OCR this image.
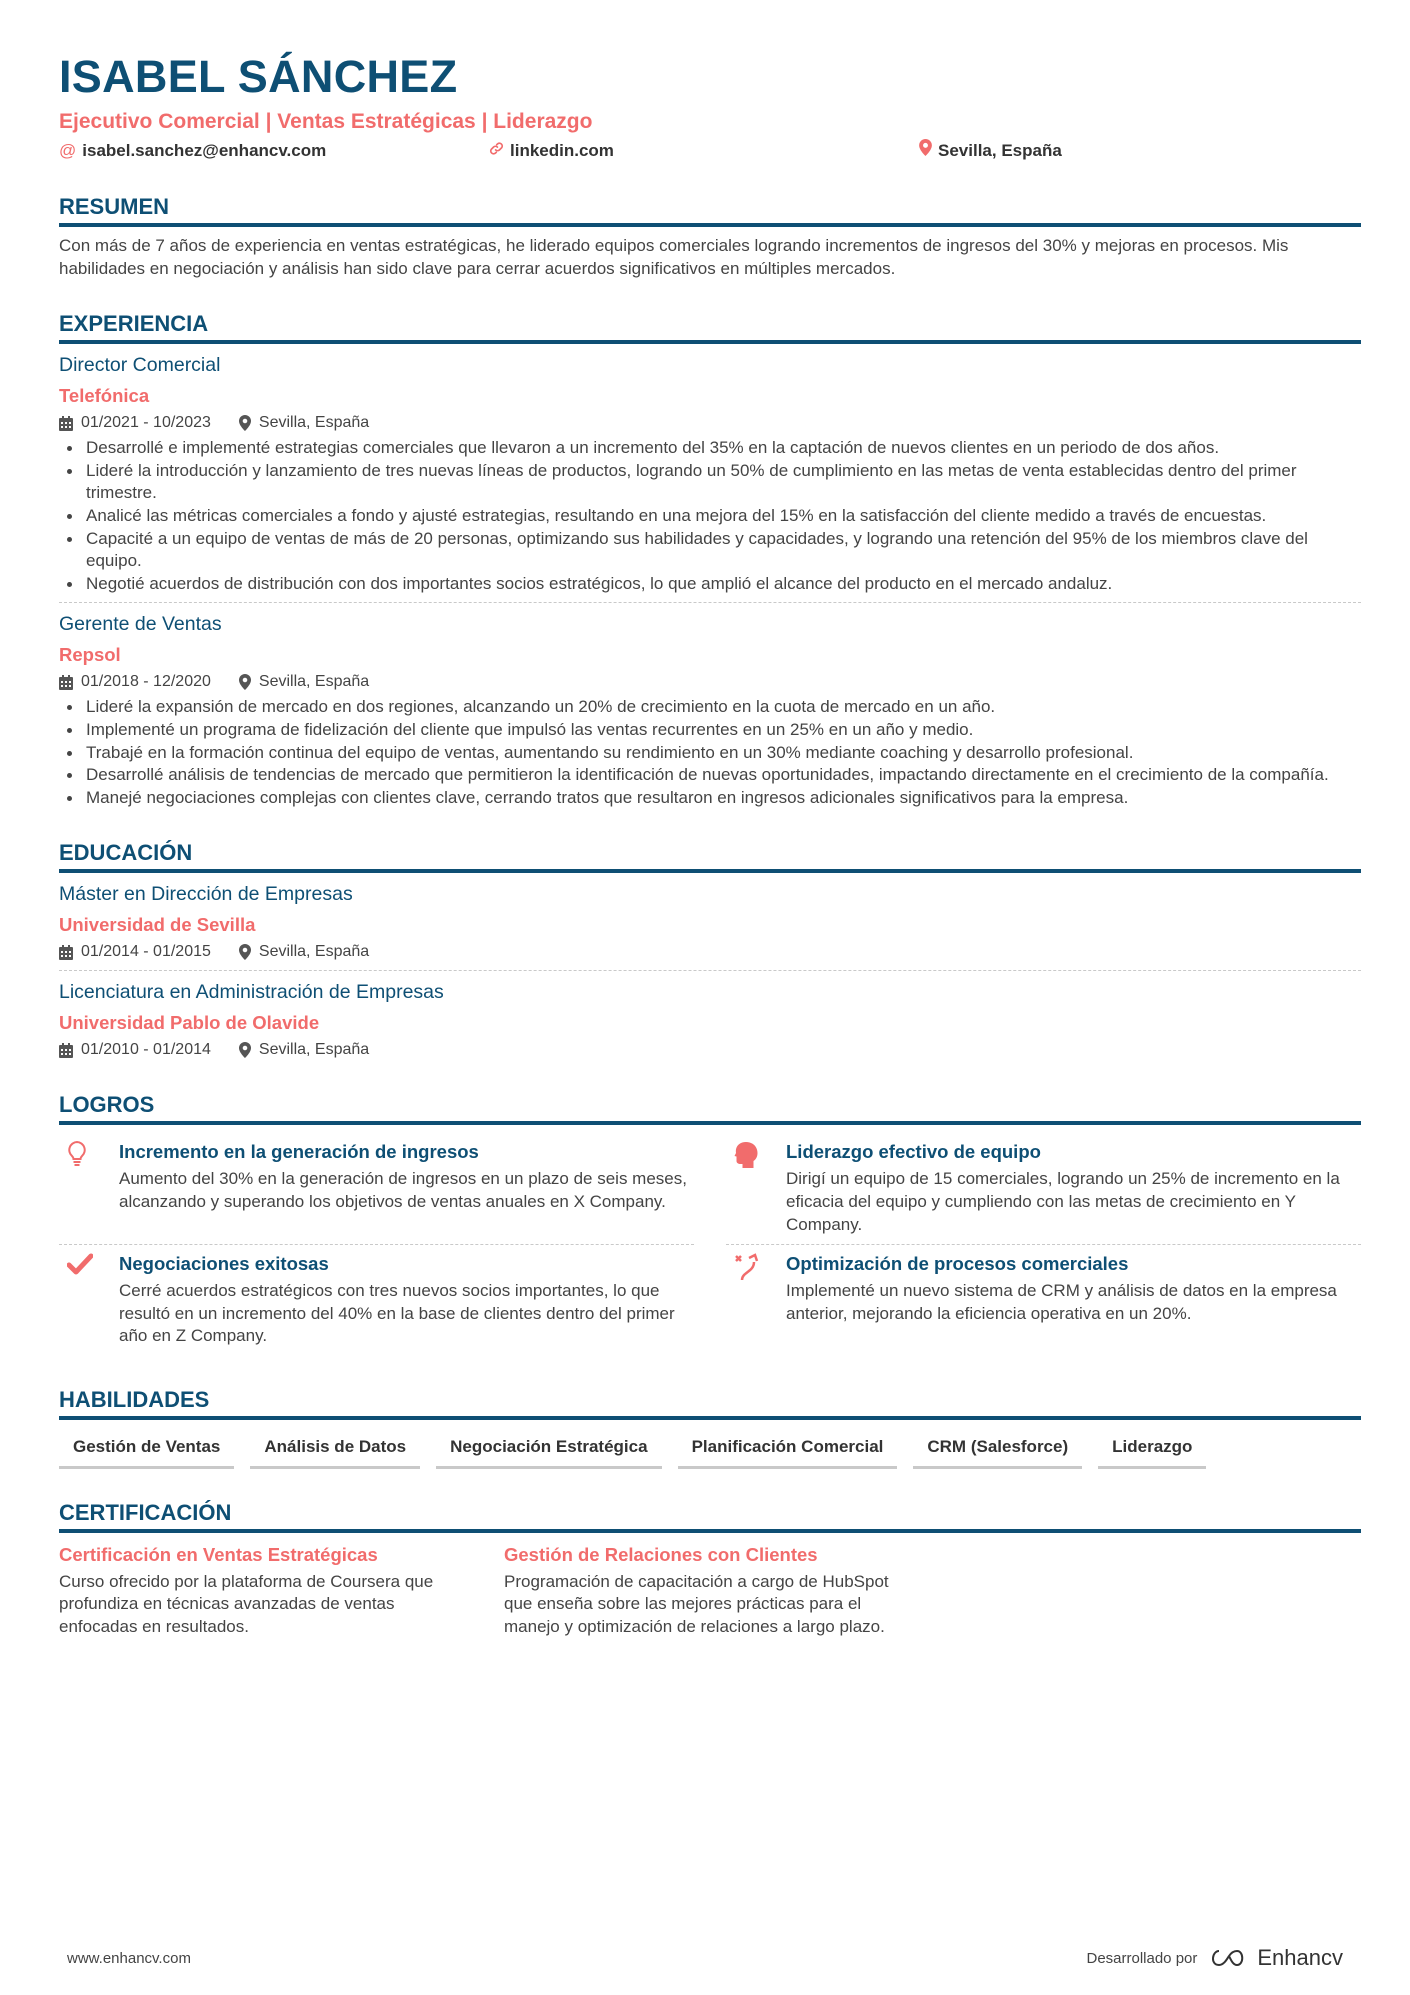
ISABEL SÁNCHEZ
Ejecutivo Comercial | Ventas Estratégicas | Liderazgo
@ isabel.sanchez@enhancv.com	linkedin.com	Sevilla, España
RESUMEN
Con más de 7 años de experiencia en ventas estratégicas, he liderado equipos comerciales logrando incrementos de ingresos del 30% y mejoras en procesos. Mis habilidades en negociación y análisis han sido clave para cerrar acuerdos significativos en múltiples mercados.
EXPERIENCIA
Director Comercial
Telefónica
01/2021 - 10/2023	Sevilla, España
Desarrollé e implementé estrategias comerciales que llevaron a un incremento del 35% en la captación de nuevos clientes en un periodo de dos años.
Lideré la introducción y lanzamiento de tres nuevas líneas de productos, logrando un 50% de cumplimiento en las metas de venta establecidas dentro del primer trimestre.
Analicé las métricas comerciales a fondo y ajusté estrategias, resultando en una mejora del 15% en la satisfacción del cliente medido a través de encuestas.
Capacité a un equipo de ventas de más de 20 personas, optimizando sus habilidades y capacidades, y logrando una retención del 95% de los miembros clave del equipo.
Negotié acuerdos de distribución con dos importantes socios estratégicos, lo que amplió el alcance del producto en el mercado andaluz.
Gerente de Ventas
Repsol
01/2018 - 12/2020	Sevilla, España
Lideré la expansión de mercado en dos regiones, alcanzando un 20% de crecimiento en la cuota de mercado en un año.
Implementé un programa de fidelización del cliente que impulsó las ventas recurrentes en un 25% en un año y medio.
Trabajé en la formación continua del equipo de ventas, aumentando su rendimiento en un 30% mediante coaching y desarrollo profesional.
Desarrollé análisis de tendencias de mercado que permitieron la identificación de nuevas oportunidades, impactando directamente en el crecimiento de la compañía.
Manejé negociaciones complejas con clientes clave, cerrando tratos que resultaron en ingresos adicionales significativos para la empresa.
EDUCACIÓN
Máster en Dirección de Empresas
Universidad de Sevilla
01/2014 - 01/2015	Sevilla, España
Licenciatura en Administración de Empresas
Universidad Pablo de Olavide
01/2010 - 01/2014	Sevilla, España
LOGROS
Incremento en la generación de ingresos
Aumento del 30% en la generación de ingresos en un plazo de seis meses, alcanzando y superando los objetivos de ventas anuales en X Company.
Liderazgo efectivo de equipo
Dirigí un equipo de 15 comerciales, logrando un 25% de incremento en la eficacia del equipo y cumpliendo con las metas de crecimiento en Y Company.
Negociaciones exitosas
Cerré acuerdos estratégicos con tres nuevos socios importantes, lo que resultó en un incremento del 40% en la base de clientes dentro del primer año en Z Company.
Optimización de procesos comerciales
Implementé un nuevo sistema de CRM y análisis de datos en la empresa anterior, mejorando la eficiencia operativa en un 20%.
HABILIDADES
Gestión de Ventas	Análisis de Datos	Negociación Estratégica	Planificación Comercial	CRM (Salesforce)	Liderazgo
CERTIFICACIÓN
Certificación en Ventas Estratégicas
Curso ofrecido por la plataforma de Coursera que profundiza en técnicas avanzadas de ventas enfocadas en resultados.
Gestión de Relaciones con Clientes
Programación de capacitación a cargo de HubSpot que enseña sobre las mejores prácticas para el manejo y optimización de relaciones a largo plazo.
www.enhancv.com	Desarrollado por	Enhancv
